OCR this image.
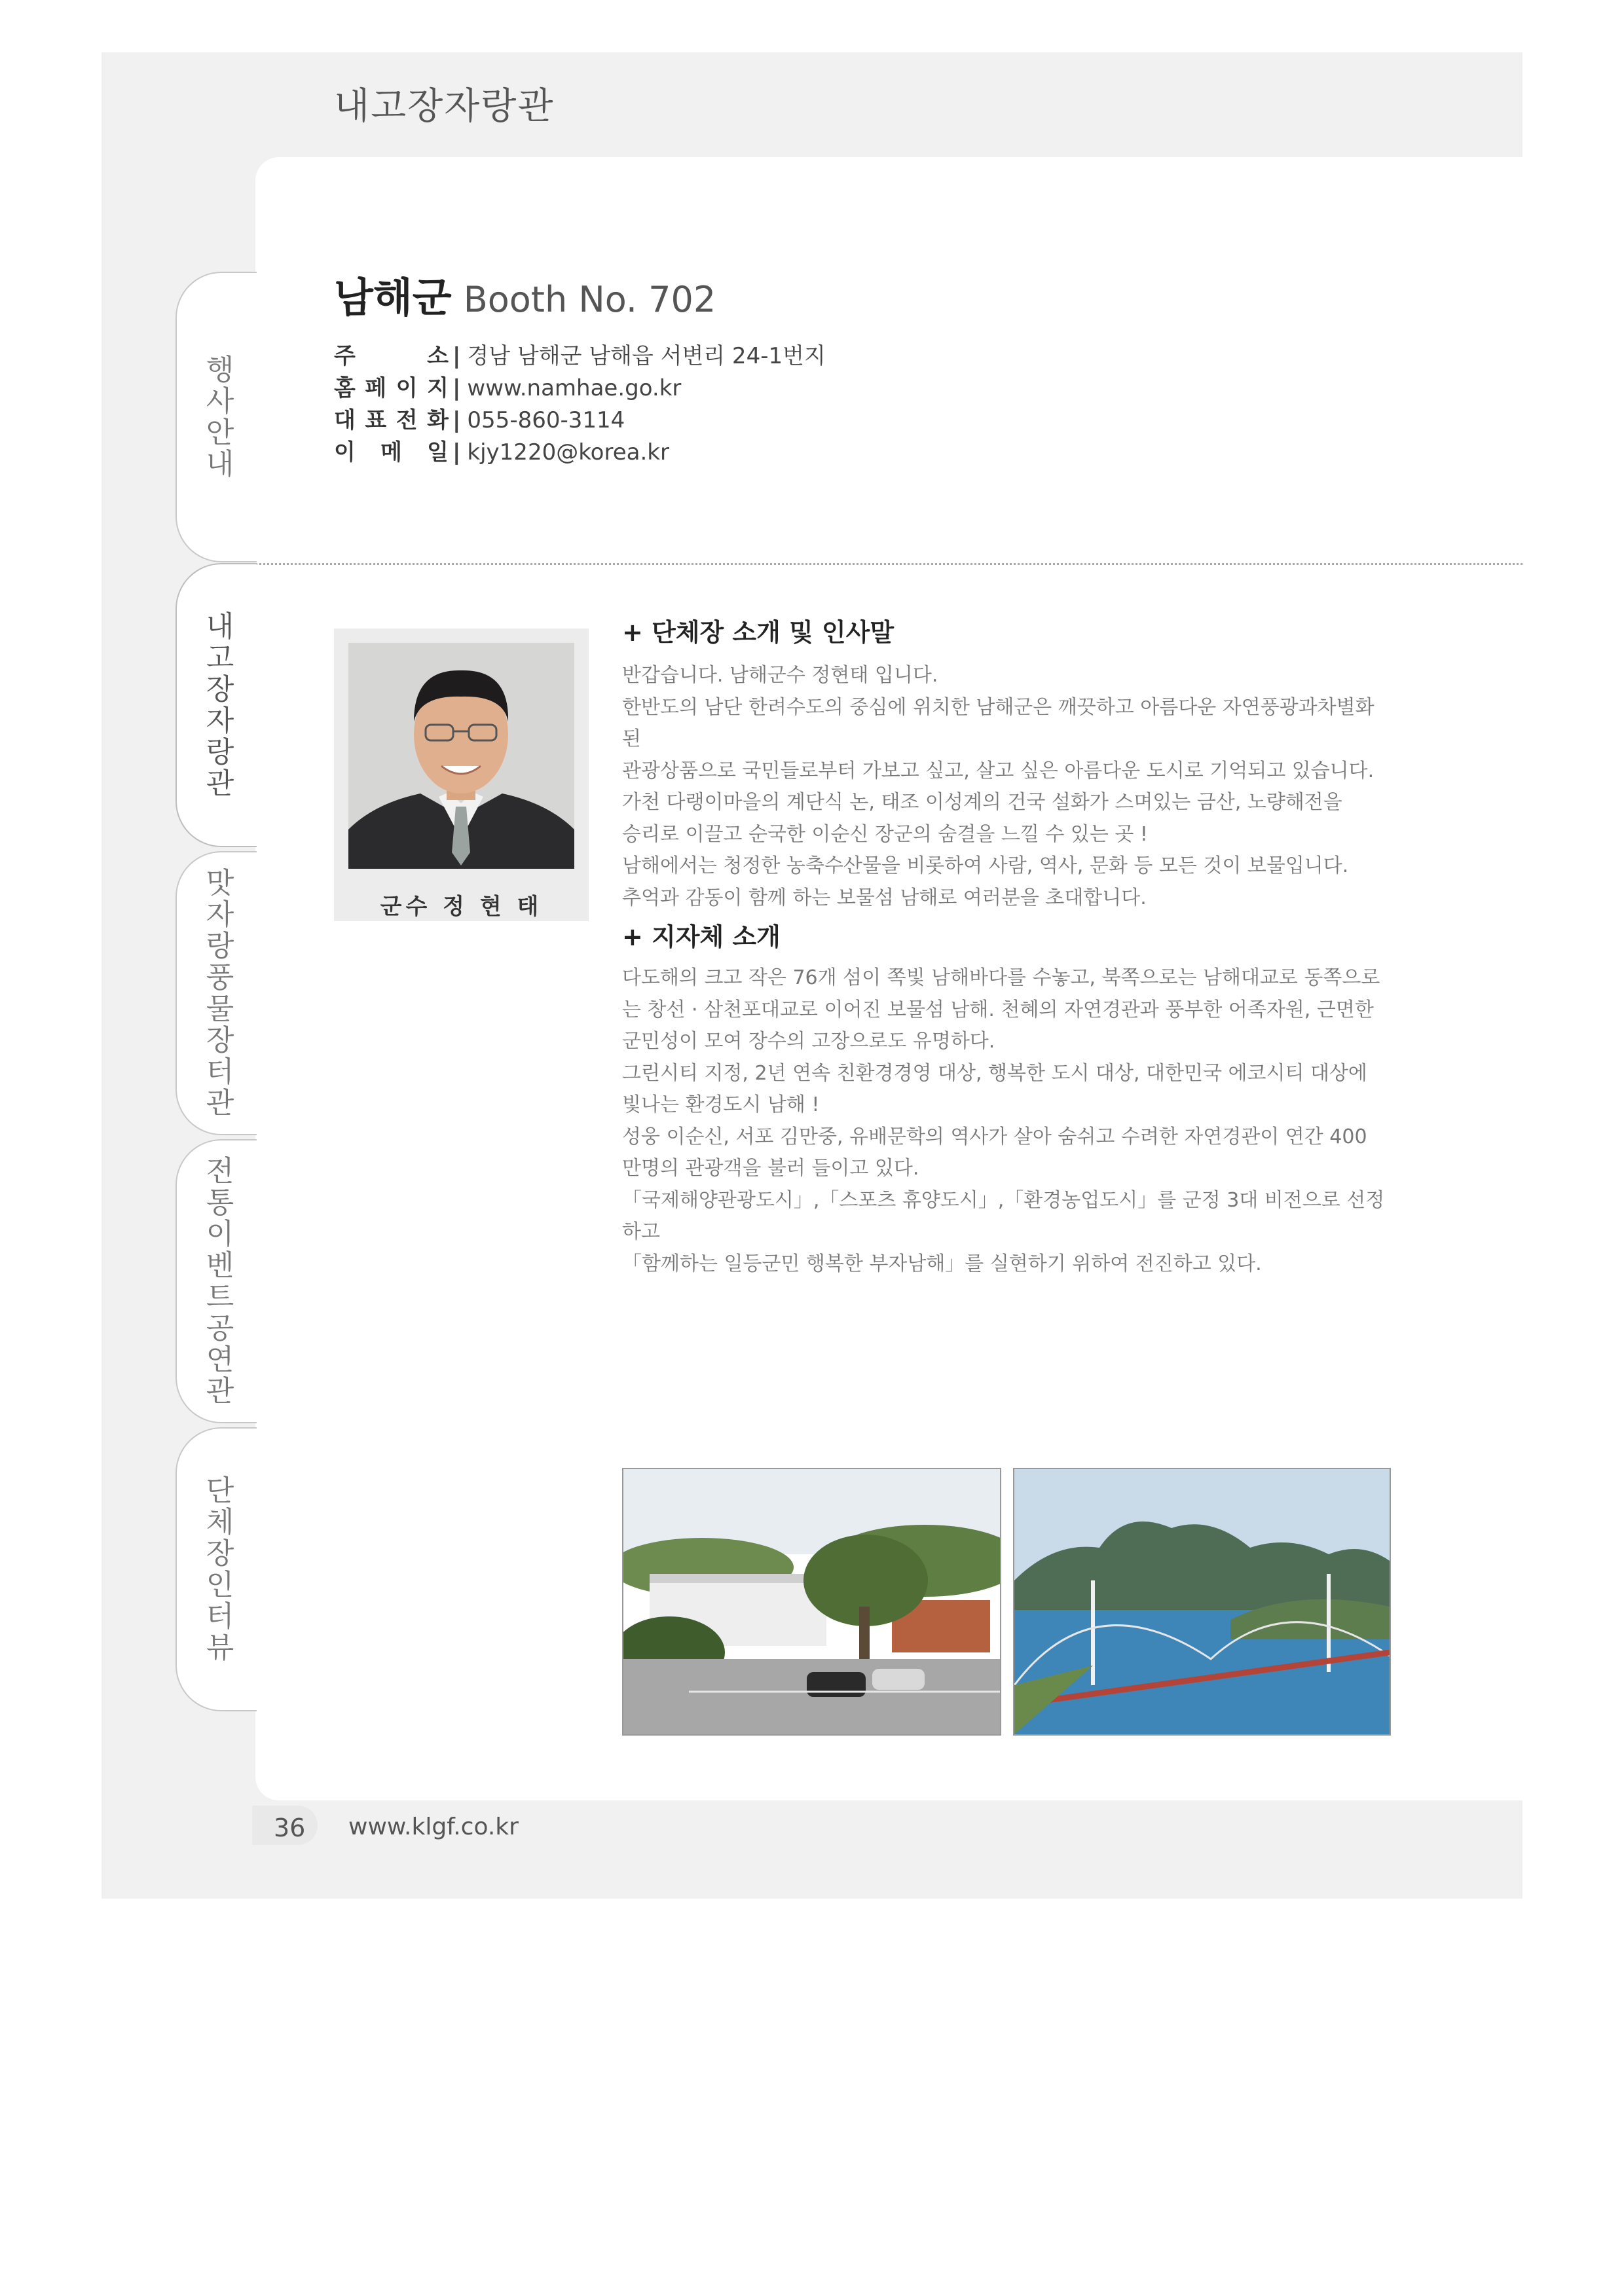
내고장자랑관
행사안내
내고장자랑관
맛자랑풍물장터관
전통이벤트공연관
단체장인터뷰
남해군 Booth No. 702
주	소 | 경남 남해군 남해읍 서변리 24-1번지
홈 페 이 지 | www.namhae.go.kr
대 표 전 화 | 055-860-3114
이 메 일 | kjy1220@korea.kr
군수 정 현 태
+ 단체장 소개 및 인사말

반갑습니다. 남해군수 정현태 입니다.

한반도의 남단 한려수도의 중심에 위치한 남해군은 깨끗하고 아름다운 자연풍광과차별화된

관광상품으로 국민들로부터 가보고 싶고, 살고 싶은 아름다운 도시로 기억되고 있습니다.

가천 다랭이마을의 계단식 논, 태조 이성계의 건국 설화가 스며있는 금산, 노량해전을

승리로 이끌고 순국한 이순신 장군의 숨결을 느낄 수 있는 곳 !

남해에서는 청정한 농축수산물을 비롯하여 사람, 역사, 문화 등 모든 것이 보물입니다.

추억과 감동이 함께 하는 보물섬 남해로 여러분을 초대합니다.

+ 지자체 소개

다도해의 크고 작은 76개 섬이 쪽빛 남해바다를 수놓고, 북쪽으로는 남해대교로 동쪽으로

는 창선 · 삼천포대교로 이어진 보물섬 남해. 천혜의 자연경관과 풍부한 어족자원, 근면한

군민성이 모여 장수의 고장으로도 유명하다.

그린시티 지정, 2년 연속 친환경경영 대상, 행복한 도시 대상, 대한민국 에코시티 대상에

빛나는 환경도시 남해 !

성웅 이순신, 서포 김만중, 유배문학의 역사가 살아 숨쉬고 수려한 자연경관이 연간 400

만명의 관광객을 불러 들이고 있다.

「국제해양관광도시」,「스포츠 휴양도시」,「환경농업도시」를 군정 3대 비전으로 선정하고

「함께하는 일등군민 행복한 부자남해」를 실현하기 위하여 전진하고 있다.

36 www.klgf.co.kr
